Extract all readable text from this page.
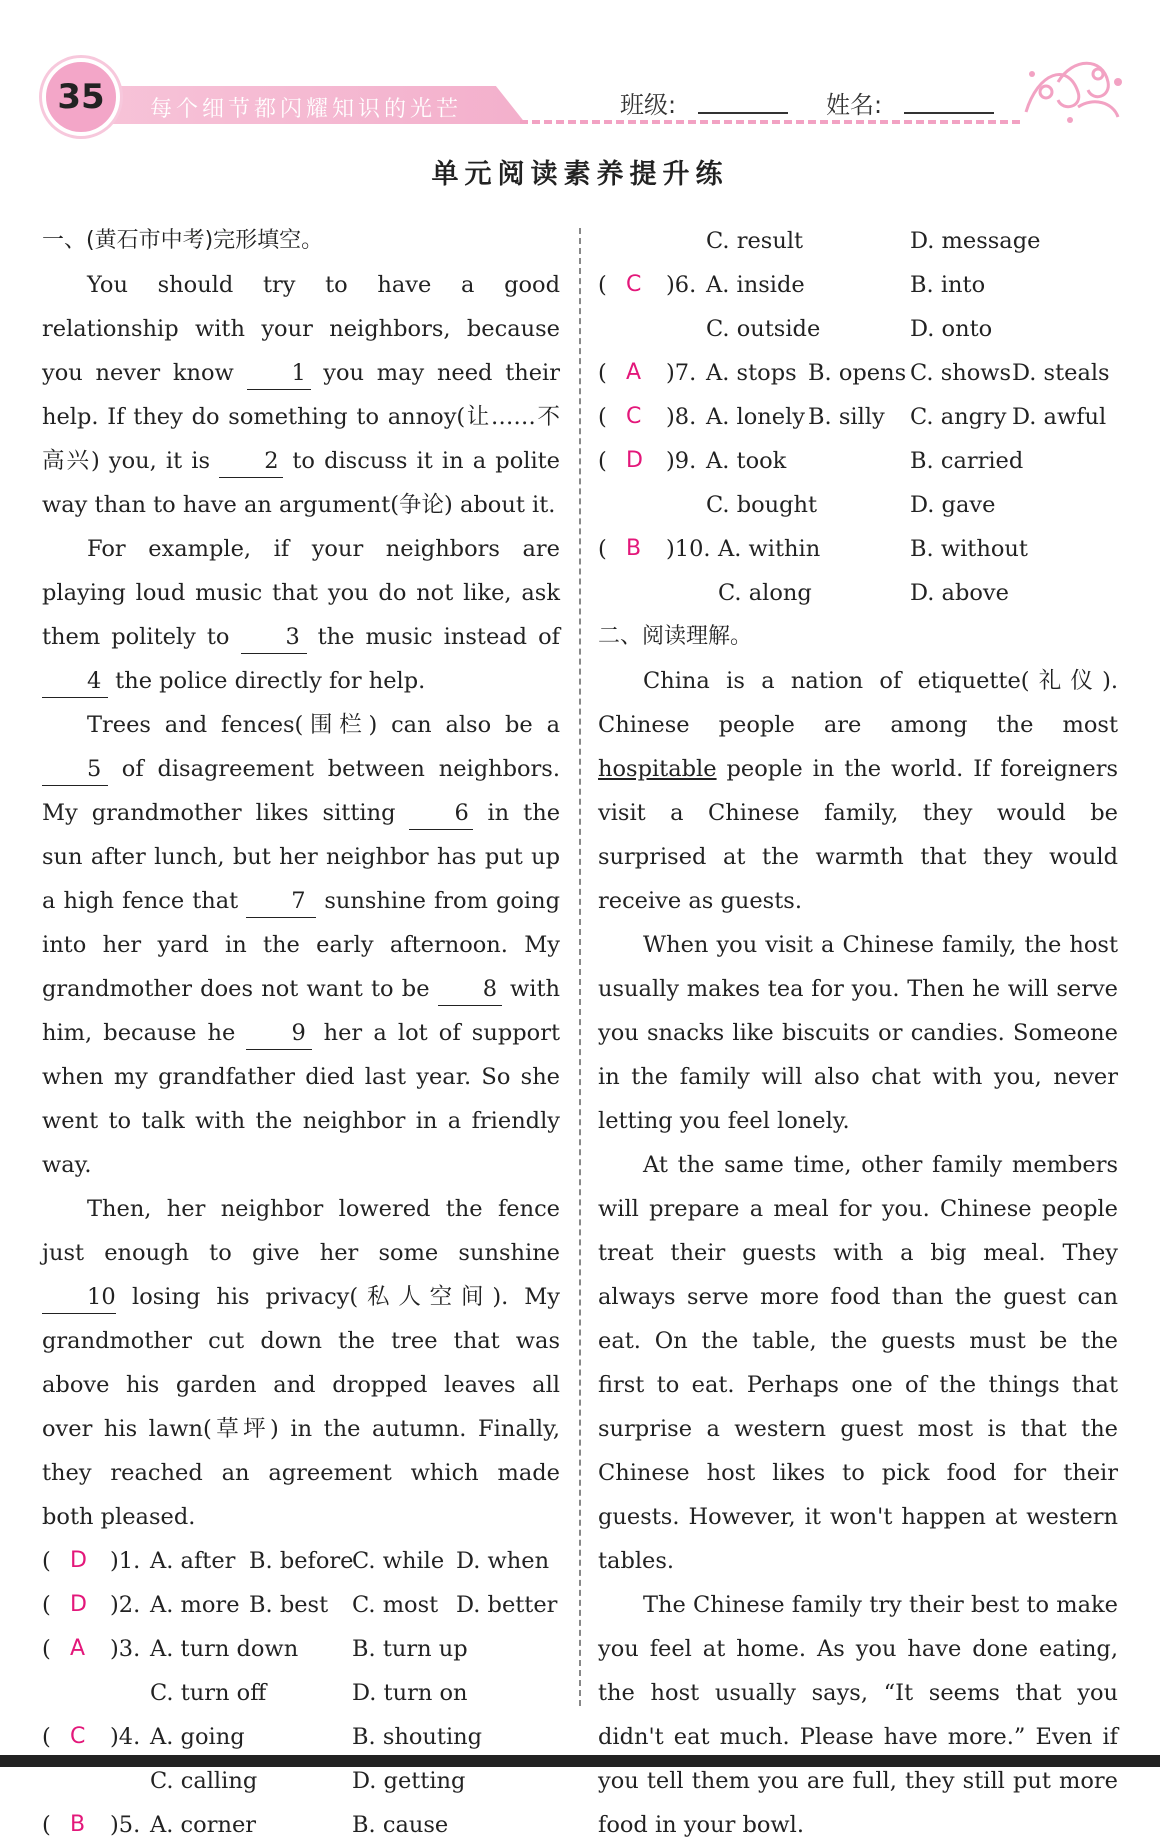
35	每个细节都闪耀知识的光芒	班级:	姓名:
单元阅读素养提升练

一、(黄石市中考)完形填空。

You should try to have a good relationship with your neighbors, because you never know	1 you may need their help. If they do something to annoy(让……不高兴) you, it is 2 to discuss it in a polite way than to have an argument(争论) about it.

For example, if your neighbors are playing loud music that you do not like, ask them politely to 3 the music instead of 4 the police directly for help.

Trees and fences(围栏) can also be a 5 of disagreement between neighbors. My grandmother likes sitting	6 in the sun after lunch, but her neighbor has put up a high fence that 7 sunshine from going into her yard in the early afternoon. My grandmother does not want to be 8 with him, because he 9 her a lot of support when my grandfather died last year. So she went to talk with the neighbor in a friendly way.

Then, her neighbor lowered the fence just enough to give her some sunshine 10 losing his privacy(私人空间). My grandmother cut down the tree that was above his garden and dropped leaves all over his lawn(草坪) in the autumn. Finally, they reached an agreement which made both pleased.

( D )1. A. after B. before
C. while D. when
( D )2. A. more B. best C. most D. better
( A )3. A. turn down B. turn up
C. turn off	D. turn on
( C )4. A. going	B. shouting
C. calling	D. getting
( B )5. A. corner	B. cause
C. result	D. message
( C )6. A. inside	B. into
C. outside	D. onto
( A )7. A. stops B. opens C. shows D. steals
( C )8. A. lonely B. silly C. angry D. awful
( D )9. A. took	B. carried
C. bought	D. gave
( B )10. A. within	B. without
C. along	D. above

二、阅读理解。

China is a nation of etiquette(礼仪). Chinese people are among the most hospitable people in the world. If foreigners visit a Chinese family, they would be surprised at the warmth that they would receive as guests.

When you visit a Chinese family, the host usually makes tea for you. Then he will serve you snacks like biscuits or candies. Someone in the family will also chat with you, never letting you feel lonely.

At the same time, other family members will prepare a meal for you. Chinese people treat their guests with a big meal. They always serve more food than the guest can eat. On the table, the guests must be the first to eat. Perhaps one of the things that surprise a western guest most is that the Chinese host likes to pick food for their guests. However, it won't happen at western tables.

The Chinese family try their best to make you feel at home. As you have done eating, the host usually says, “It seems that you didn't eat much. Please have more.” Even if you tell them you are full, they still put more food in your bowl.
